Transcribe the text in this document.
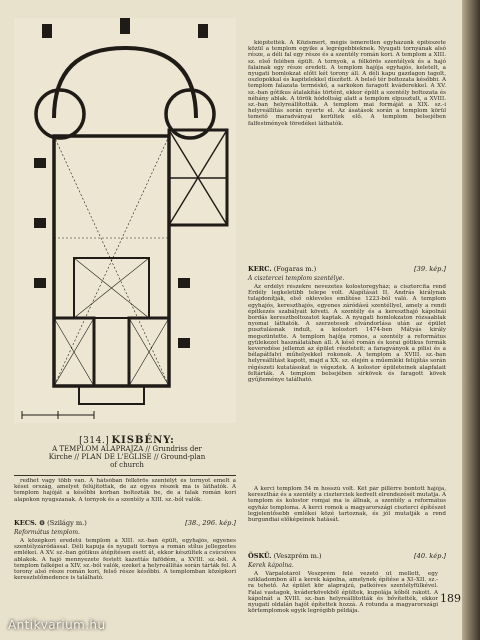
[314.] KISBÉNY:
A TEMPLOM ALAPRAJZA // Grundriss der
Kirche // PLAN DE L'EGLISE // Ground-plan
of church

kiépítették. A Közismert, mégis ismeretlen egyházunk építészete közül a templom egyike a legrégebbieknek. Nyugati tornyának alsó része, a déli fal egy része és a szentély román kori. A templom a XIII. sz. első felében épült. A tornyok, a félkörös szentélyek és a hajó falainak egy része eredeti. A templom hajója egyhajós, keletelt, a nyugati homlokzat előtt két torony áll. A déli kapu gazdagon tagolt, oszlopokkal és kapitelekkel díszített. A belső tér boltozata későbbi. A templom falazata terméskő, a sarkokon faragott kváderekkel. A XV. sz.-ban gótikus átalakítás történt, ekkor épült a szentély boltozata és néhány ablak. A török hódoltság alatt a templom elpusztult, a XVIII. sz.-ban helyreállították. A templom mai formáját a XIX. sz.-i helyreállítás során nyerte el. Az ásatások során a templom körül temető maradványai kerültek elő. A templom belsejében falfestmények töredékei láthatók.

KERC. (Fogaras m.)	[39. kép.]
A cisztercei templom szentélye.

Az erdélyi részekre nevezetes kolostoregyház; a cisztercita rend Erdély legkeletibb telepe volt. Alapítását II. András királynak tulajdonítják, első okleveles említése 1223-ból való. A templom egyhajós, kereszthajós, egyenes záródású szentéllyel, amely a rendi építkezés szabályait követi. A szentély és a kereszthajó kápolnái bordás keresztboltozatot kaptak. A nyugati homlokzaton rózsaablak nyomai láthatók. A szerzetesek elvándorlása után az épület pusztulásnak indult, a kolostort 1474-ben Mátyás király megszüntette. A templom hajója romos, a szentély a református gyülekezet használatában áll. A késő román és korai gótikus formák keveredése jellemzi az épület részleteit; a faragványok a pilisi és a bélapátfalvi műhelyekkel rokonok. A templom a XVIII. sz.-ban helyreállítást kapott, majd a XX. sz. elején a műemléki felújítás során régészeti kutatásokat is végeztek. A kolostor épületeinek alapfalait feltárták. A templom belsejében sírkövek és faragott kövek gyűjteménye található.

A kerci templom 54 m hosszú volt. Két pár pillérre bontott hajója, keresztház és a szentély a ciszterciek kedvelt elrendezését mutatja. A templom és kolostor romjai ma is állnak, a szentély a református egyház temploma. A kerci romok a magyarországi ciszterci építészet legjelentősebb emlékei közé tartoznak, és jól mutatják a rend burgundiai előképeinek hatását.

ÖSKÜ. (Veszprém m.)	[40. kép.]
Kerek kápolna.

A Várpalotáról Veszprém felé vezető út mellett, egy szikladombon áll a kerek kápolna, amelynek építése a XI–XII. sz.-ra tehető. Az épület kör alaprajzú, patkóíves szentélyfülkével. Falai vastagok, kváderkövekből épültek, kupolája kőből rakott. A kápolnát a XVIII. sz.-ban helyreállították és bővítették, ekkor nyugati oldalán hajót építettek hozzá. A rotunda a magyarországi körtemplomok egyik legrégibb példája.

redhet vagy több van. A hátsóban félkörös szentélyt és tornyot emelt a kései ország, amelyet felújítottak, de az egyes részek ma is láthatók. A templom hajóját a későbbi korban boltozták be, de a falak román kori alapokon nyugszanak. A tornyok és a szentély a XIII. sz.-ból valók.

KECS. ⚙ (Szilágy m.)	[38., 296. kép.]
Református templom.

A középkori eredetű templom a XIII. sz.-ban épült, egyhajós, egyenes szentélyzáródással. Déli kapuja és nyugati tornya a román stílus jellegzetes emlékei. A XV. sz.-ban gótikus átépítésen esett át, ekkor készültek a csúcsíves ablakok. A hajó mennyezete festett kazettás fafödém, a XVIII. sz.-ból. A templom falképei a XIV. sz.-ból valók, ezeket a helyreállítás során tárták fel. A torony alsó része román kori, felső része későbbi. A templomban középkori keresztelőmedence is található.

189
Antikvarium.hu
